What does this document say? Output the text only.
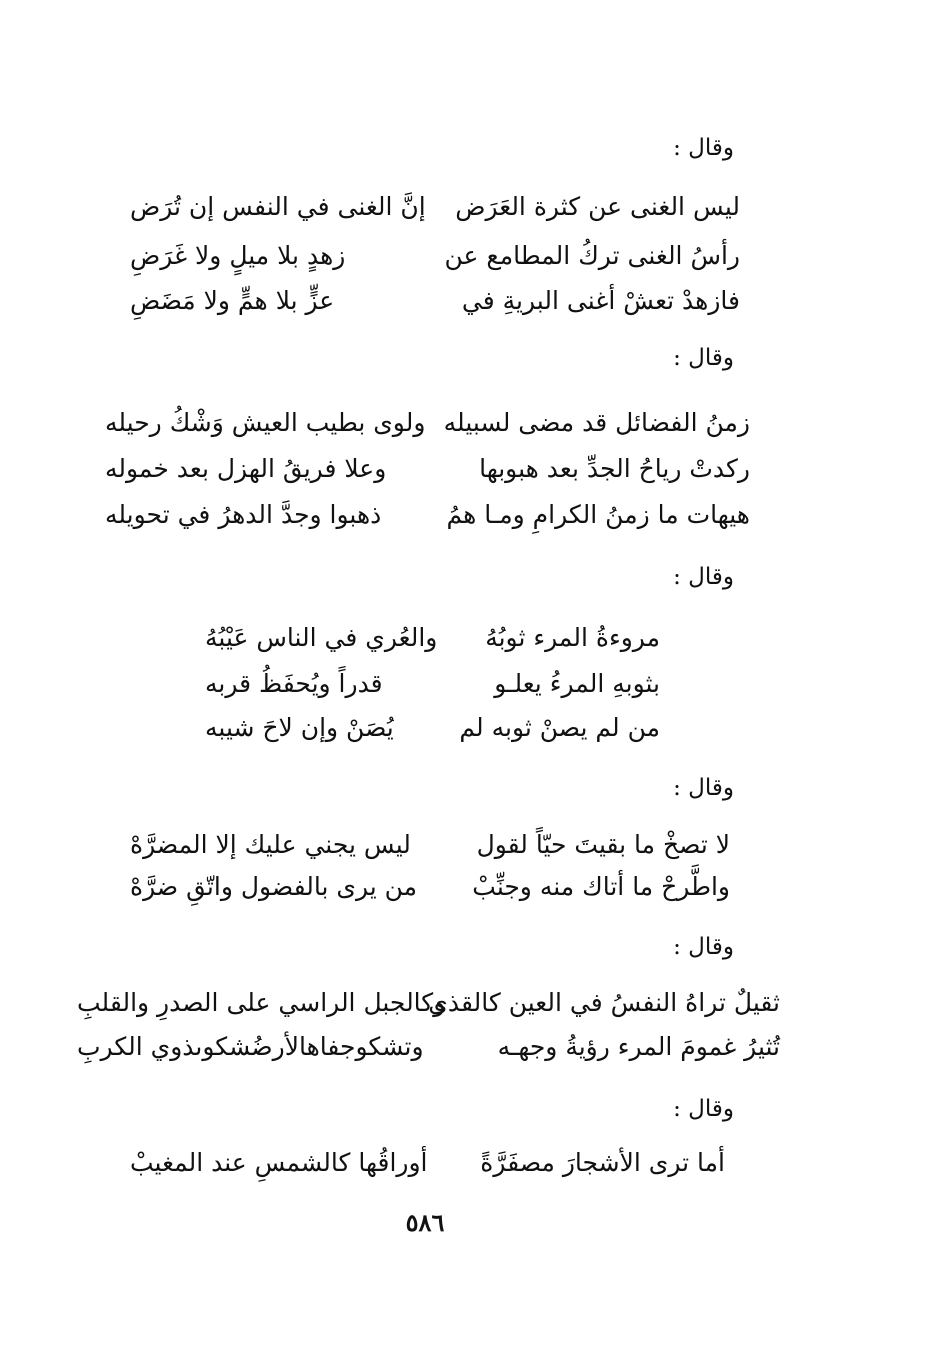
وقال :
ليس الغنى عن كثرة العَرَض
إنَّ الغنى في النفس إن تُرَض
رأسُ الغنى تركُ المطامع عن
زهدٍ بلا ميلٍ ولا غَرَضِ
فازهدْ تعشْ أغنى البريةِ في
عزٍّ بلا همٍّ ولا مَضَضِ
وقال :
زمنُ الفضائل قد مضى لسبيله
ولوى بطيب العيش وَشْكُ رحيله
ركدتْ رياحُ الجدِّ بعد هبوبها
وعلا فريقُ الهزل بعد خموله
هيهات ما زمنُ الكرامِ ومـا همُ
ذهبوا وجدَّ الدهرُ في تحويله
وقال :
مروءةُ المرء ثوبُهُ
والعُري في الناس عَيْبُهُ
بثوبهِ المرءُ يعلـو
قدراً ويُحفَظُ قربه
من لم يصنْ ثوبه لم
يُصَنْ وإن لاحَ شيبه
وقال :
لا تصخْ ما بقيتَ حيّاً لقول
ليس يجني عليك إلا المضرَّهْ
واطَّرحْ ما أتاك منه وجنِّبْ
من يرى بالفضول واتّقِ ضرَّهْ
وقال :
ثقيلٌ تراهُ النفسُ في العين كالقذى
وكالجبل الراسي على الصدرِ والقلبِ
تُثيرُ غمومَ المرء رؤيةُ وجهـه
وتشكوجفاهالأرضُشكوىذوي الكربِ
وقال :
أما ترى الأشجارَ مصفَرَّةً
أوراقُها كالشمسِ عند المغيبْ
٥٨٦
